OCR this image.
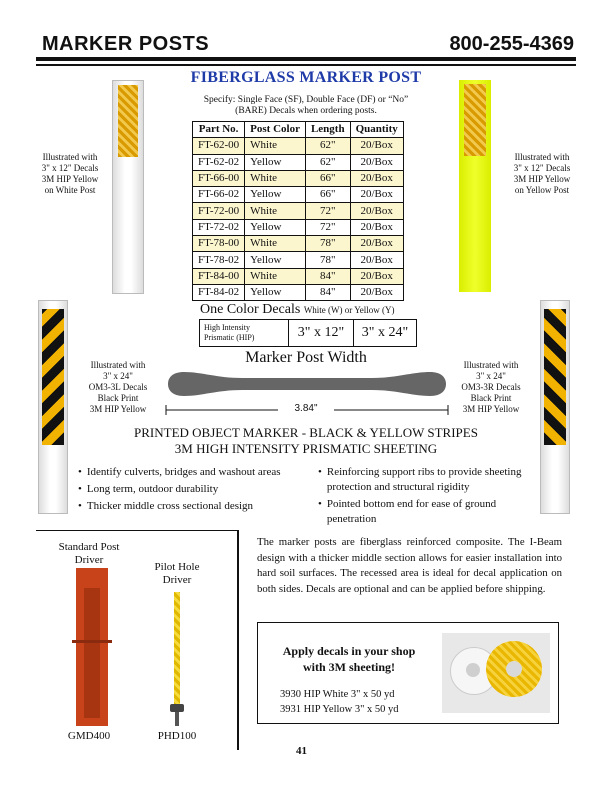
MARKER POSTS	800-255-4369
FIBERGLASS MARKER POST
Specify: Single Face (SF), Double Face (DF) or “No” (BARE) Decals when ordering posts.
Illustrated with
3" x 12" Decals
3M HIP Yellow
on White Post
Illustrated with
3" x 12" Decals
3M HIP Yellow
on Yellow Post
Part No.	Post Color	Length	Quantity
FT-62-00	White	62"	20/Box
FT-62-02	Yellow	62"	20/Box
FT-66-00	White	66"	20/Box
FT-66-02	Yellow	66"	20/Box
FT-72-00	White	72"	20/Box
FT-72-02	Yellow	72"	20/Box
FT-78-00	White	78"	20/Box
FT-78-02	Yellow	78"	20/Box
FT-84-00	White	84"	20/Box
FT-84-02	Yellow	84"	20/Box
One Color Decals White (W) or Yellow (Y)
High Intensity
Prismatic (HIP)	3" x 12"	3" x 24"
Illustrated with
3" x 24"
OM3-3L Decals
Black Print
3M HIP Yellow
Illustrated with
3" x 24"
OM3-3R Decals
Black Print
3M HIP Yellow
Marker Post Width
3.84"
PRINTED OBJECT MARKER - BLACK & YELLOW STRIPES
3M HIGH INTENSITY PRISMATIC SHEETING
• Identify culverts, bridges and washout areas
• Long term, outdoor durability
• Thicker middle cross sectional design
• Reinforcing support ribs to provide sheeting protection and structural rigidity
• Pointed bottom end for ease of ground penetration
Standard Post
Driver
GMD400
Pilot Hole
Driver
PHD100
The marker posts are fiberglass reinforced composite. The I-Beam design with a thicker middle section allows for easier installation into hard soil surfaces. The recessed area is ideal for decal application on both sides. Decals are optional and can be applied before shipping.
Apply decals in your shop
with 3M sheeting!
3930 HIP White 3" x 50 yd
3931 HIP Yellow 3" x 50 yd
41
